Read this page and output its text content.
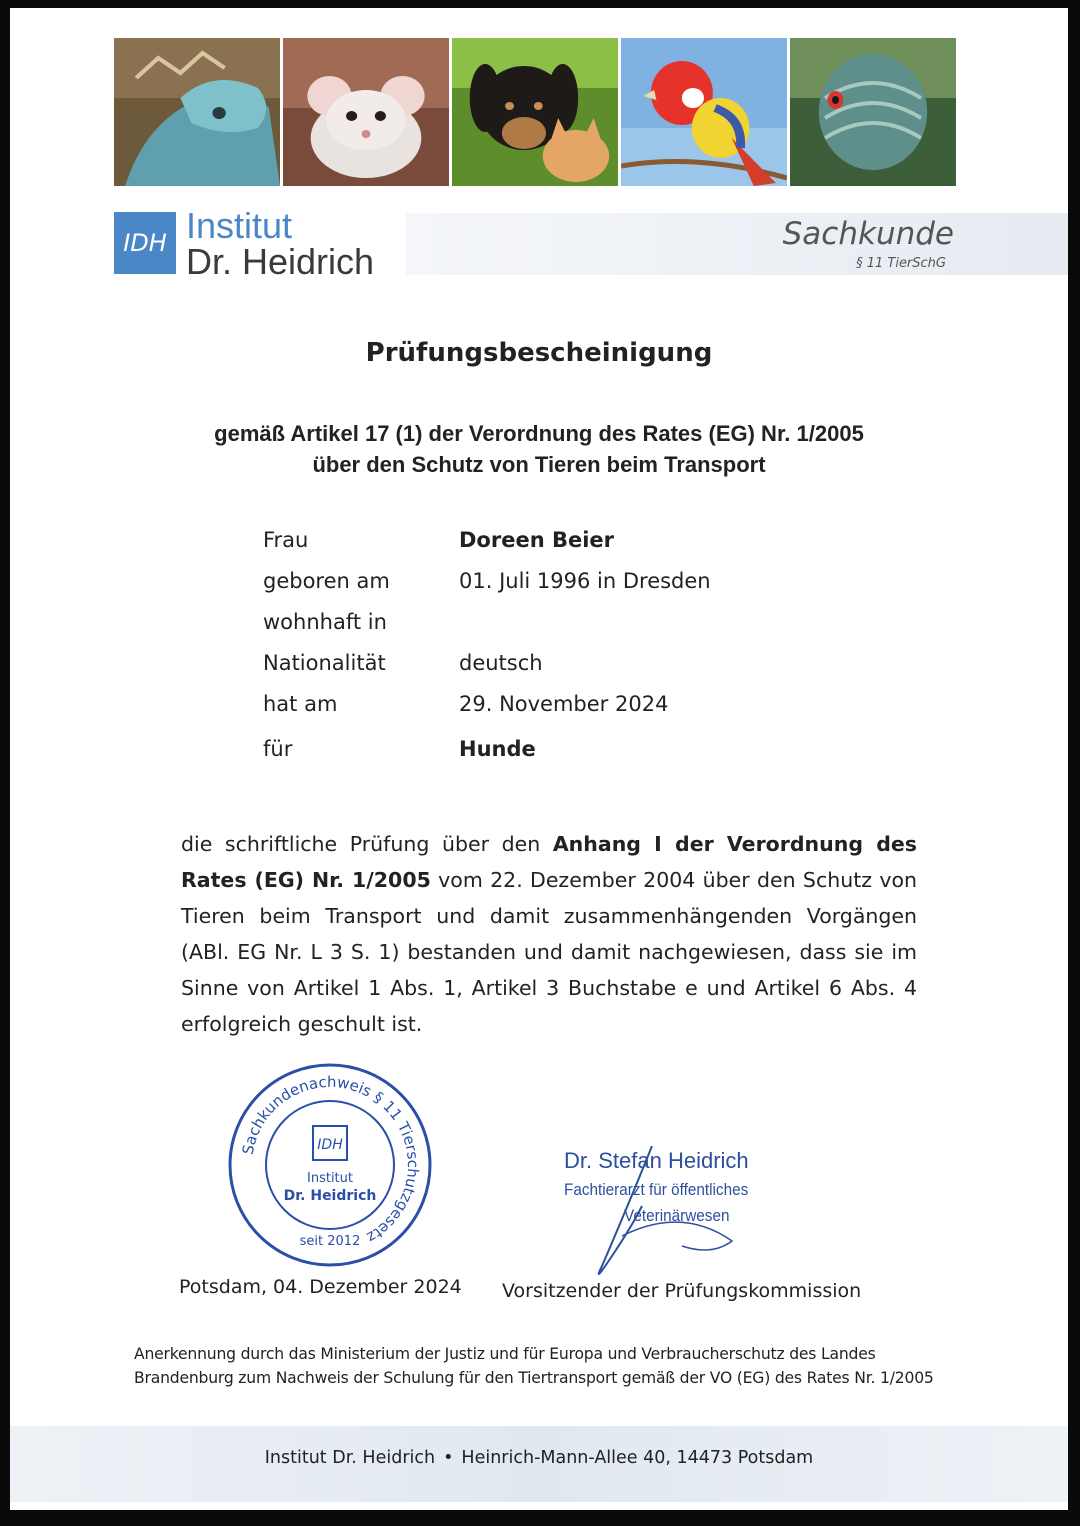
IDH Institut
Dr. Heidrich
Sachkunde
§ 11 TierSchG
Prüfungsbescheinigung
gemäß Artikel 17 (1) der Verordnung des Rates (EG) Nr. 1/2005
über den Schutz von Tieren beim Transport
Frau	Doreen Beier
geboren am	01. Juli 1996 in Dresden
wohnhaft in
Nationalität	deutsch
hat am	29. November 2024
für	Hunde
die schriftliche Prüfung über den Anhang I der Verordnung des Rates (EG) Nr. 1/2005 vom 22. Dezember 2004 über den Schutz von Tieren beim Transport und damit zusammenhängenden Vorgängen (ABl. EG Nr. L 3 S. 1) bestanden und damit nachgewiesen, dass sie im Sinne von Artikel 1 Abs. 1, Artikel 3 Buchstabe e und Artikel 6 Abs. 4 erfolgreich geschult ist.
Sachkundenachweis § 11 Tierschutzgesetz
IDH
Institut
Dr. Heidrich
seit 2012
Dr. Stefan Heidrich
Fachtierarzt für öffentliches
Veterinärwesen
Potsdam, 04. Dezember 2024 Vorsitzender der Prüfungskommission
Anerkennung durch das Ministerium der Justiz und für Europa und Verbraucherschutz des Landes
Brandenburg zum Nachweis der Schulung für den Tiertransport gemäß der VO (EG) des Rates Nr. 1/2005
Institut Dr. Heidrich • Heinrich-Mann-Allee 40, 14473 Potsdam
